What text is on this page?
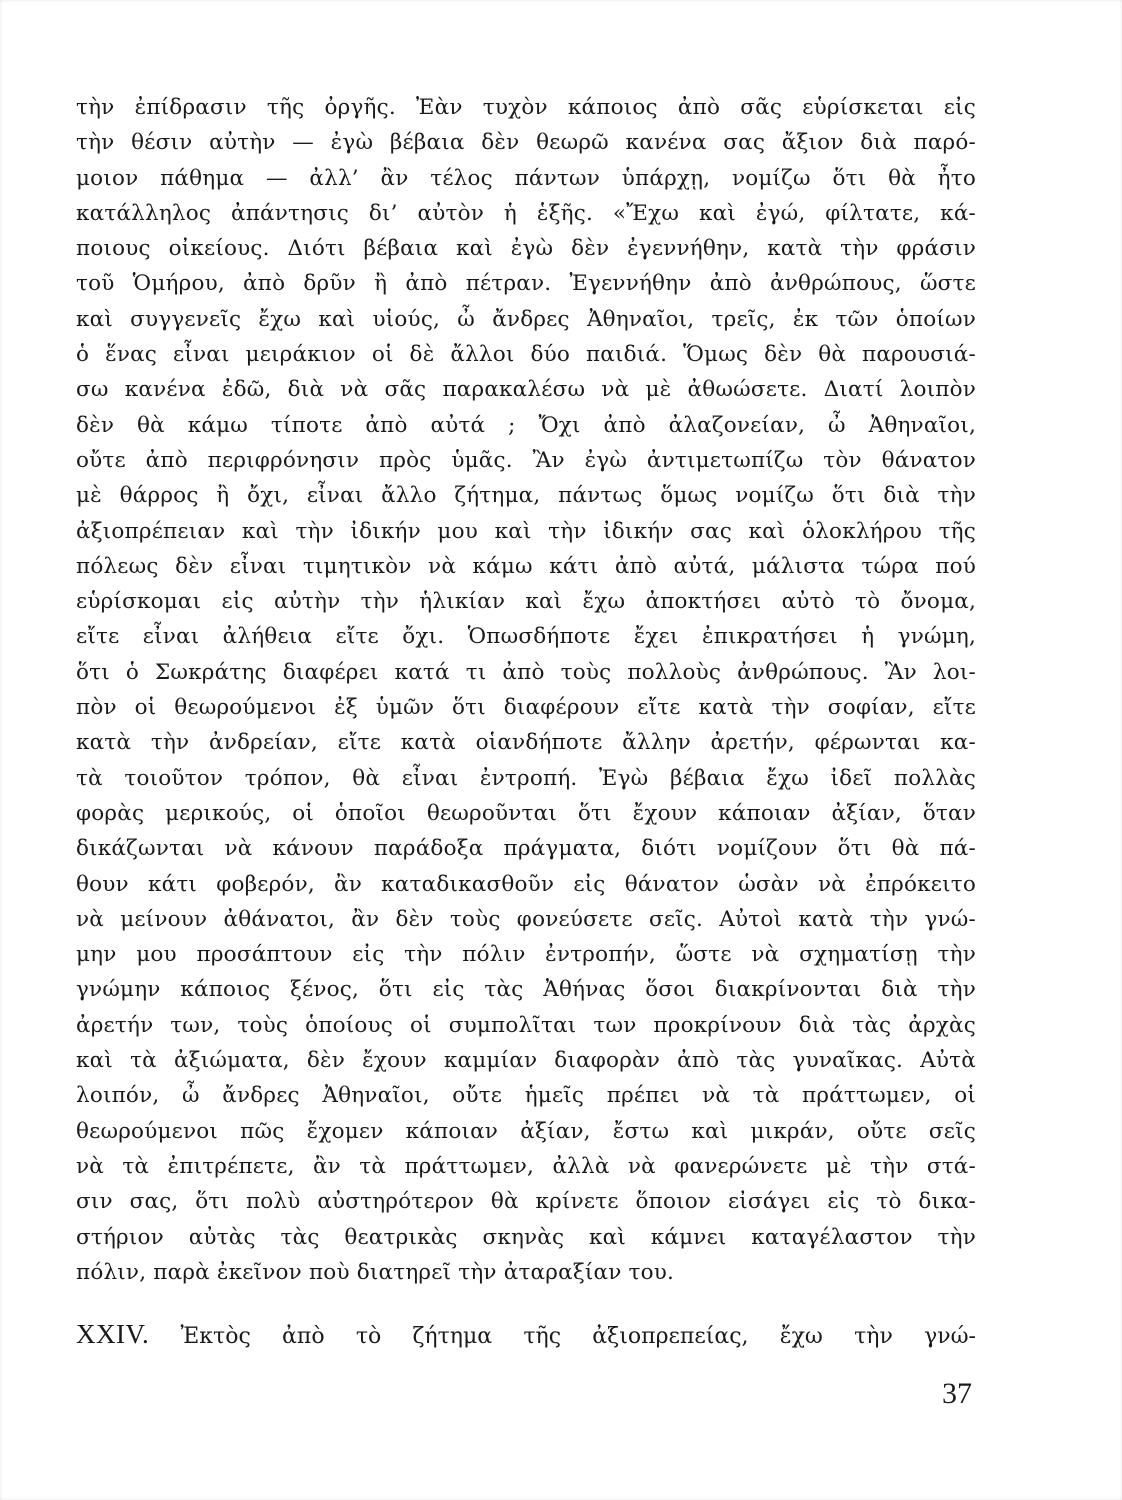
τὴν ἐπίδρασιν τῆς ὀργῆς. Ἐὰν τυχὸν κάποιος ἀπὸ σᾶς εὑρίσκεται εἰς
τὴν θέσιν αὐτὴν — ἐγὼ βέβαια δὲν θεωρῶ κανένα σας ἄξιον διὰ παρό-
μοιον πάθημα — ἀλλ’ ἂν τέλος πάντων ὑπάρχῃ, νομίζω ὅτι θὰ ἦτο
κατάλληλος ἀπάντησις δι’ αὐτὸν ἡ ἑξῆς. «Ἔχω καὶ ἐγώ, φίλτατε, κά-
ποιους οἰκείους. Διότι βέβαια καὶ ἐγὼ δὲν ἐγεννήθην, κατὰ τὴν φράσιν
τοῦ Ὁμήρου, ἀπὸ δρῦν ἢ ἀπὸ πέτραν. Ἐγεννήθην ἀπὸ ἀνθρώπους, ὥστε
καὶ συγγενεῖς ἔχω καὶ υἱούς, ὦ ἄνδρες Ἀθηναῖοι, τρεῖς, ἐκ τῶν ὁποίων
ὁ ἕνας εἶναι μειράκιον οἱ δὲ ἄλλοι δύο παιδιά. Ὅμως δὲν θὰ παρουσιά-
σω κανένα ἐδῶ, διὰ νὰ σᾶς παρακαλέσω νὰ μὲ ἀθωώσετε. Διατί λοιπὸν
δὲν θὰ κάμω τίποτε ἀπὸ αὐτά ; Ὄχι ἀπὸ ἀλαζονείαν, ὦ Ἀθηναῖοι,
οὔτε ἀπὸ περιφρόνησιν πρὸς ὑμᾶς. Ἂν ἐγὼ ἀντιμετωπίζω τὸν θάνατον
μὲ θάρρος ἢ ὄχι, εἶναι ἄλλο ζήτημα, πάντως ὅμως νομίζω ὅτι διὰ τὴν
ἀξιοπρέπειαν καὶ τὴν ἰδικήν μου καὶ τὴν ἰδικήν σας καὶ ὁλοκλήρου τῆς
πόλεως δὲν εἶναι τιμητικὸν νὰ κάμω κάτι ἀπὸ αὐτά, μάλιστα τώρα πού
εὑρίσκομαι εἰς αὐτὴν τὴν ἡλικίαν καὶ ἔχω ἀποκτήσει αὐτὸ τὸ ὄνομα,
εἴτε εἶναι ἀλήθεια εἴτε ὄχι. Ὁπωσδήποτε ἔχει ἐπικρατήσει ἡ γνώμη,
ὅτι ὁ Σωκράτης διαφέρει κατά τι ἀπὸ τοὺς πολλοὺς ἀνθρώπους. Ἂν λοι-
πὸν οἱ θεωρούμενοι ἐξ ὑμῶν ὅτι διαφέρουν εἴτε κατὰ τὴν σοφίαν, εἴτε
κατὰ τὴν ἀνδρείαν, εἴτε κατὰ οἱανδήποτε ἄλλην ἀρετήν, φέρωνται κα-
τὰ τοιοῦτον τρόπον, θὰ εἶναι ἐντροπή. Ἐγὼ βέβαια ἔχω ἰδεῖ πολλὰς
φορὰς μερικούς, οἱ ὁποῖοι θεωροῦνται ὅτι ἔχουν κάποιαν ἀξίαν, ὅταν
δικάζωνται νὰ κάνουν παράδοξα πράγματα, διότι νομίζουν ὅτι θὰ πά-
θουν κάτι φοβερόν, ἂν καταδικασθοῦν εἰς θάνατον ὡσὰν νὰ ἐπρόκειτο
νὰ μείνουν ἀθάνατοι, ἂν δὲν τοὺς φονεύσετε σεῖς. Αὐτοὶ κατὰ τὴν γνώ-
μην μου προσάπτουν εἰς τὴν πόλιν ἐντροπήν, ὥστε νὰ σχηματίσῃ τὴν
γνώμην κάποιος ξένος, ὅτι εἰς τὰς Ἀθήνας ὅσοι διακρίνονται διὰ τὴν
ἀρετήν των, τοὺς ὁποίους οἱ συμπολῖται των προκρίνουν διὰ τὰς ἀρχὰς
καὶ τὰ ἀξιώματα, δὲν ἔχουν καμμίαν διαφορὰν ἀπὸ τὰς γυναῖκας. Αὐτὰ
λοιπόν, ὦ ἄνδρες Ἀθηναῖοι, οὔτε ἡμεῖς πρέπει νὰ τὰ πράττωμεν, οἱ
θεωρούμενοι πῶς ἔχομεν κάποιαν ἀξίαν, ἔστω καὶ μικράν, οὔτε σεῖς
νὰ τὰ ἐπιτρέπετε, ἂν τὰ πράττωμεν, ἀλλὰ νὰ φανερώνετε μὲ τὴν στά-
σιν σας, ὅτι πολὺ αὐστηρότερον θὰ κρίνετε ὅποιον εἰσάγει εἰς τὸ δικα-
στήριον αὐτὰς τὰς θεατρικὰς σκηνὰς καὶ κάμνει καταγέλαστον τὴν
πόλιν, παρὰ ἐκεῖνον ποὺ διατηρεῖ τὴν ἀταραξίαν του.
XXIV. Ἐκτὸς ἀπὸ τὸ ζήτημα τῆς ἀξιοπρεπείας, ἔχω τὴν γνώ-
37
